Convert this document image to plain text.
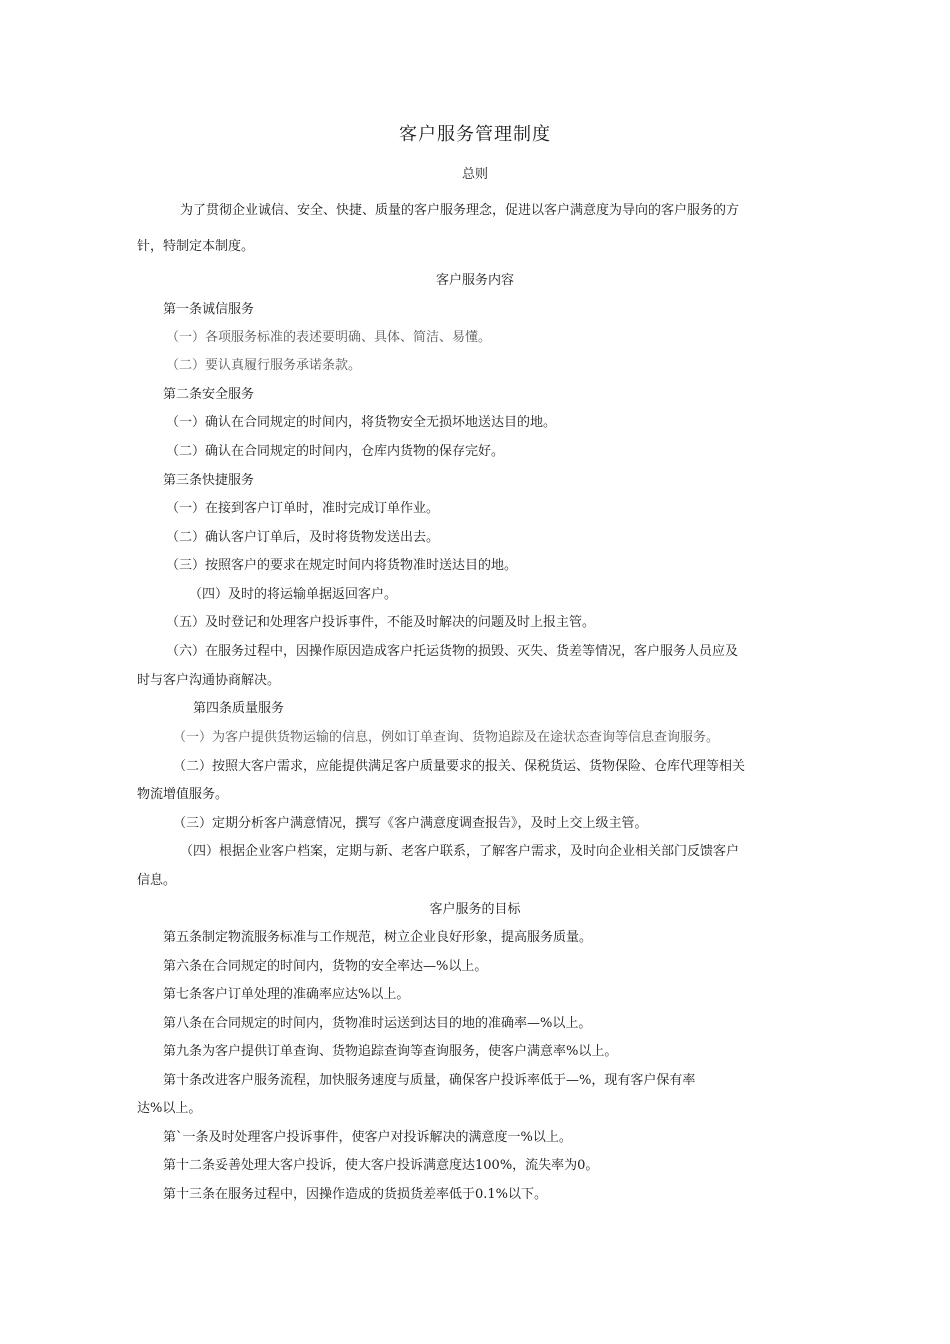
客户服务管理制度
总则
为了贯彻企业诚信、安全、快捷、质量的客户服务理念，促进以客户满意度为导向的客户服务的方
针，特制定本制度。
客户服务内容
第一条诚信服务
（一）各项服务标准的表述要明确、具体、简洁、易懂。
（二）要认真履行服务承诺条款。
第二条安全服务
（一）确认在合同规定的时间内，将货物安全无损坏地送达目的地。
（二）确认在合同规定的时间内，仓库内货物的保存完好。
第三条快捷服务
（一）在接到客户订单时，准时完成订单作业。
（二）确认客户订单后，及时将货物发送出去。
（三）按照客户的要求在规定时间内将货物准时送达目的地。
（四）及时的将运输单据返回客户。
（五）及时登记和处理客户投诉事件，不能及时解决的问题及时上报主管。
（六）在服务过程中，因操作原因造成客户托运货物的损毁、灭失、货差等情况，客户服务人员应及
时与客户沟通协商解决。
第四条质量服务
（一）为客户提供货物运输的信息，例如订单查询、货物追踪及在途状态查询等信息查询服务。
（二）按照大客户需求，应能提供满足客户质量要求的报关、保税货运、货物保险、仓库代理等相关
物流增值服务。
（三）定期分析客户满意情况，撰写《客户满意度调查报告》，及时上交上级主管。
（四）根据企业客户档案，定期与新、老客户联系，了解客户需求，及时向企业相关部门反馈客户
信息。
客户服务的目标
第五条制定物流服务标准与工作规范，树立企业良好形象，提高服务质量。
第六条在合同规定的时间内，货物的安全率达—%以上。
第七条客户订单处理的准确率应达%以上。
第八条在合同规定的时间内，货物准时运送到达目的地的准确率—%以上。
第九条为客户提供订单查询、货物追踪查询等查询服务，使客户满意率%以上。
第十条改进客户服务流程，加快服务速度与质量，确保客户投诉率低于—%，现有客户保有率
达%以上。
第`一条及时处理客户投诉事件，使客户对投诉解决的满意度一%以上。
第十二条妥善处理大客户投诉，使大客户投诉满意度达100%，流失率为0。
第十三条在服务过程中，因操作造成的货损货差率低于0.1%以下。
